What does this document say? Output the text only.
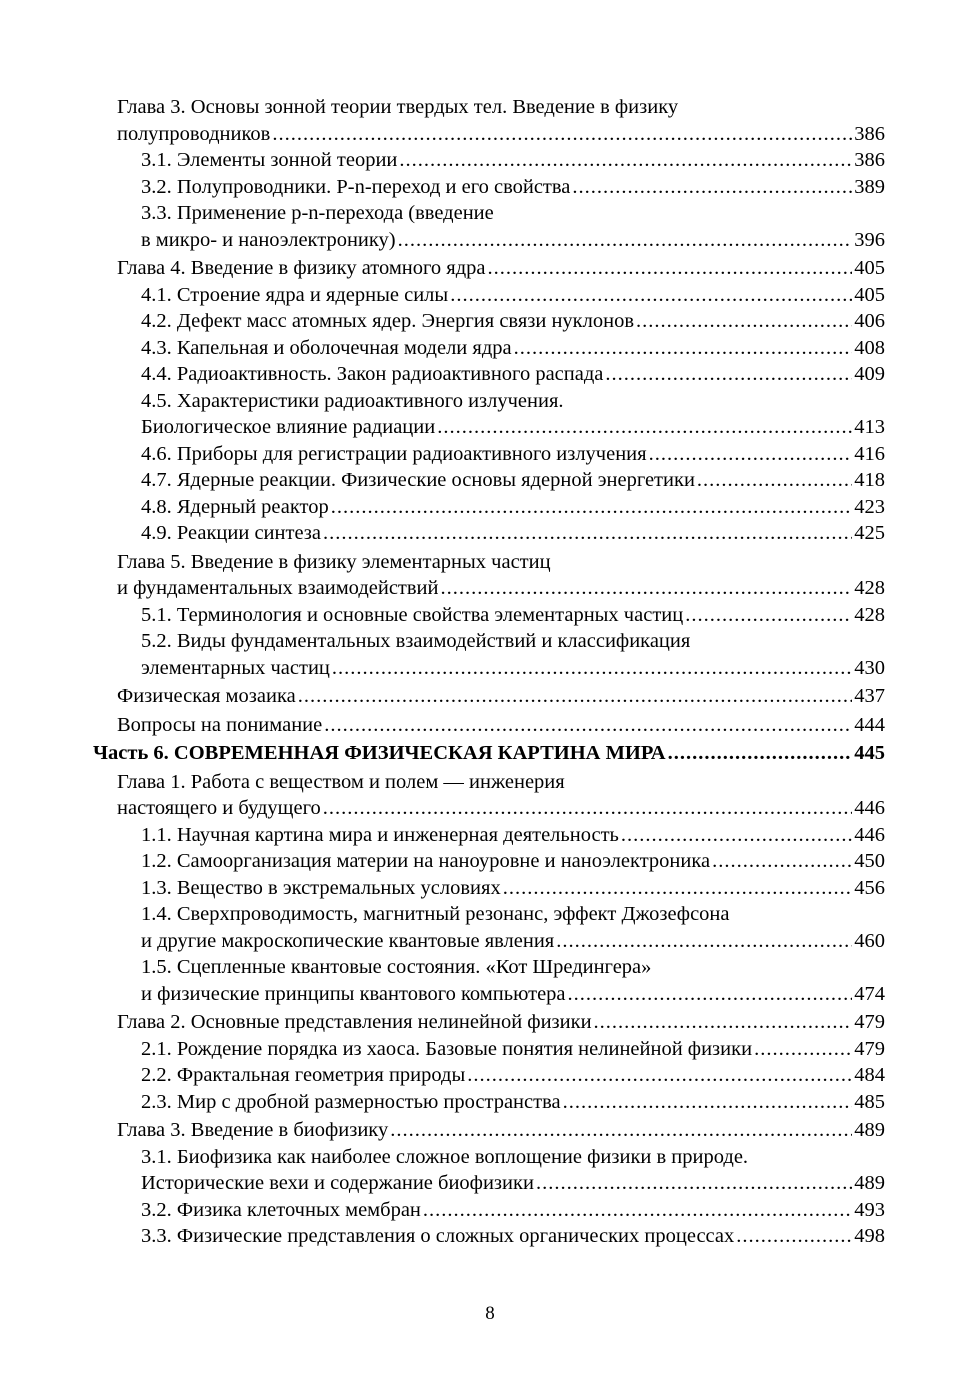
Глава 3. Основы зонной теории твердых тел. Введение в физику
полупроводников .....	386
3.1. Элементы зонной теории .....	386
3.2. Полупроводники. P-n-переход и его свойства .....	389
3.3. Применение p-n-перехода (введение
в микро- и наноэлектронику) .....	396
Глава 4. Введение в физику атомного ядра .....	405
4.1. Строение ядра и ядерные силы .....	405
4.2. Дефект масс атомных ядер. Энергия связи нуклонов .....	406
4.3. Капельная и оболочечная модели ядра .....	408
4.4. Радиоактивность. Закон радиоактивного распада .....	409
4.5. Характеристики радиоактивного излучения.
Биологическое влияние радиации .....	413
4.6. Приборы для регистрации радиоактивного излучения .....	416
4.7. Ядерные реакции. Физические основы ядерной энергетики .....	418
4.8. Ядерный реактор .....	423
4.9. Реакции синтеза .....	425
Глава 5. Введение в физику элементарных частиц
и фундаментальных взаимодействий .....	428
5.1. Терминология и основные свойства элементарных частиц .....	428
5.2. Виды фундаментальных взаимодействий и классификация
элементарных частиц .....	430
Физическая мозаика .....	437
Вопросы на понимание .....	444
Часть 6. СОВРЕМЕННАЯ ФИЗИЧЕСКАЯ КАРТИНА МИРА .....	445
Глава 1. Работа с веществом и полем — инженерия
настоящего и будущего .....	446
1.1. Научная картина мира и инженерная деятельность .....	446
1.2. Самоорганизация материи на наноуровне и наноэлектроника .....	450
1.3. Вещество в экстремальных условиях .....	456
1.4. Сверхпроводимость, магнитный резонанс, эффект Джозефсона
и другие макроскопические квантовые явления .....	460
1.5. Сцепленные квантовые состояния. «Кот Шредингера»
и физические принципы квантового компьютера .....	474
Глава 2. Основные представления нелинейной физики .....	479
2.1. Рождение порядка из хаоса. Базовые понятия нелинейной физики .....	479
2.2. Фрактальная геометрия природы .....	484
2.3. Мир с дробной размерностью пространства .....	485
Глава 3. Введение в биофизику .....	489
3.1. Биофизика как наиболее сложное воплощение физики в природе.
Исторические вехи и содержание биофизики .....	489
3.2. Физика клеточных мембран .....	493
3.3. Физические представления о сложных органических процессах .....	498
8
